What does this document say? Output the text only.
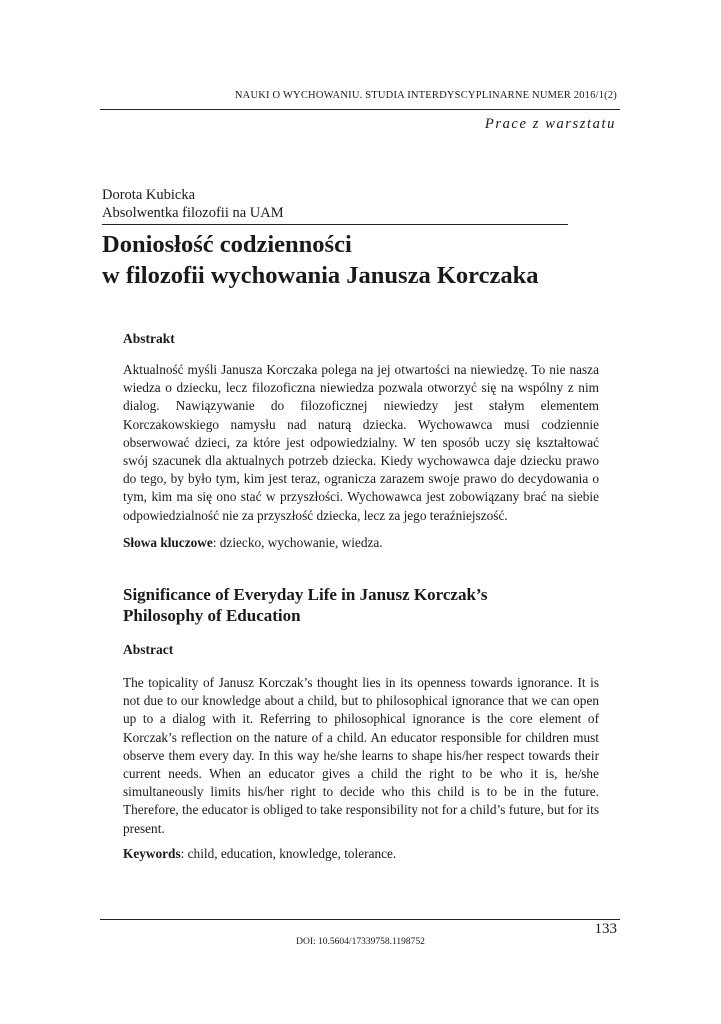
NAUKI O WYCHOWANIU. STUDIA INTERDYSCYPLINARNE NUMER 2016/1(2)
Prace z warsztatu
Dorota Kubicka
Absolwentka filozofii na UAM
Doniosłość codzienności
w filozofii wychowania Janusza Korczaka
Abstrakt
Aktualność myśli Janusza Korczaka polega na jej otwartości na niewiedzę. To nie nasza wiedza o dziecku, lecz filozoficzna niewiedza pozwala otworzyć się na wspólny z nim dialog. Nawiązywanie do filozoficznej niewiedzy jest stałym elementem Korczakowskiego namysłu nad naturą dziecka. Wychowawca musi codziennie obserwować dzieci, za które jest odpowiedzialny. W ten sposób uczy się kształtować swój szacunek dla aktualnych potrzeb dziecka. Kiedy wychowawca daje dziecku prawo do tego, by było tym, kim jest teraz, ogranicza zarazem swoje prawo do decydowania o tym, kim ma się ono stać w przyszłości. Wychowawca jest zobowiązany brać na siebie odpowiedzialność nie za przyszłość dziecka, lecz za jego teraźniejszość.
Słowa kluczowe: dziecko, wychowanie, wiedza.
Significance of Everyday Life in Janusz Korczak’s
Philosophy of Education
Abstract
The topicality of Janusz Korczak’s thought lies in its openness towards ignorance. It is not due to our knowledge about a child, but to philosophical ignorance that we can open up to a dialog with it. Referring to philosophical ignorance is the core element of Korczak’s reflection on the nature of a child. An educator responsible for children must observe them every day. In this way he/she learns to shape his/her respect towards their current needs. When an educator gives a child the right to be who it is, he/she simultaneously limits his/her right to decide who this child is to be in the future. Therefore, the educator is obliged to take responsibility not for a child’s future, but for its present.
Keywords: child, education, knowledge, tolerance.
133
DOI: 10.5604/17339758.1198752
